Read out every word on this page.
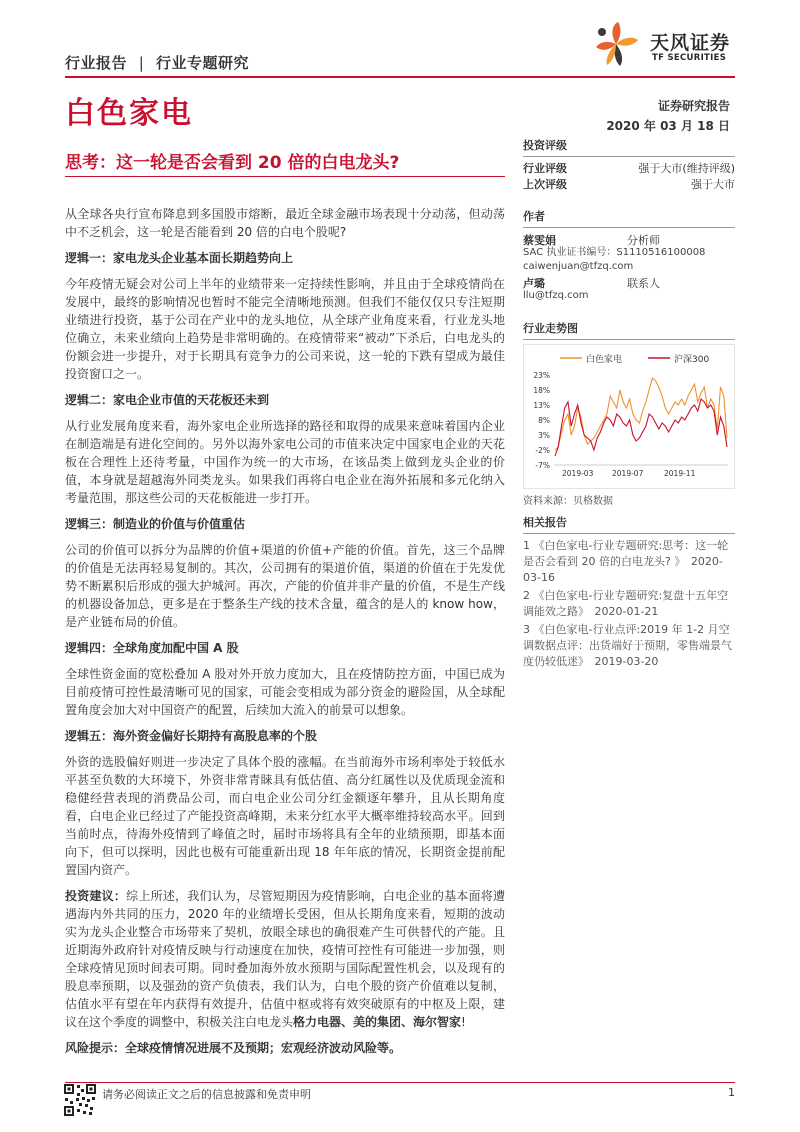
行业报告 | 行业专题研究
天风证券
TF SECURITIES
白色家电	证券研究报告
2020 年 03 月 18 日
思考：这一轮是否会看到 20 倍的白电龙头?

从全球各央行宣布降息到多国股市熔断，最近全球金融市场表现十分动荡，但动荡中不乏机会，这一轮是否能看到 20 倍的白电个股呢?

逻辑一：家电龙头企业基本面长期趋势向上

今年疫情无疑会对公司上半年的业绩带来一定持续性影响，并且由于全球疫情尚在发展中，最终的影响情况也暂时不能完全清晰地预测。但我们不能仅仅只专注短期业绩进行投资，基于公司在产业中的龙头地位，从全球产业角度来看，行业龙头地位确立，未来业绩向上趋势是非常明确的。在疫情带来“被动”下杀后，白电龙头的份额会进一步提升，对于长期具有竞争力的公司来说，这一轮的下跌有望成为最佳投资窗口之一。

逻辑二：家电企业市值的天花板还未到

从行业发展角度来看，海外家电企业所选择的路径和取得的成果来意味着国内企业在制造端是有进化空间的。另外以海外家电公司的市值来决定中国家电企业的天花板在合理性上还待考量，中国作为统一的大市场，在该品类上做到龙头企业的价值，本身就是超越海外同类龙头。如果我们再将白电企业在海外拓展和多元化纳入考量范围，那这些公司的天花板能进一步打开。

逻辑三：制造业的价值与价值重估

公司的价值可以拆分为品牌的价值+渠道的价值+产能的价值。首先，这三个品牌的价值是无法再轻易复制的。其次，公司拥有的渠道价值，渠道的价值在于先发优势不断累积后形成的强大护城河。再次，产能的价值并非产量的价值，不是生产线的机器设备加总，更多是在于整条生产线的技术含量，蕴含的是人的 know how，是产业链布局的价值。

逻辑四：全球角度加配中国 A 股

全球性资金面的宽松叠加 A 股对外开放力度加大，且在疫情防控方面，中国已成为目前疫情可控性最清晰可见的国家，可能会变相成为部分资金的避险国，从全球配置角度会加大对中国资产的配置，后续加大流入的前景可以想象。

逻辑五：海外资金偏好长期持有高股息率的个股

外资的选股偏好则进一步决定了具体个股的涨幅。在当前海外市场利率处于较低水平甚至负数的大环境下，外资非常青睐具有低估值、高分红属性以及优质现金流和稳健经营表现的消费品公司，而白电企业公司分红金额逐年攀升，且从长期角度看，白电企业已经过了产能投资高峰期，未来分红水平大概率维持较高水平。回到当前时点，待海外疫情到了峰值之时，届时市场将具有全年的业绩预期，即基本面向下，但可以探明，因此也极有可能重新出现 18 年年底的情况，长期资金提前配置国内资产。

投资建议：综上所述，我们认为，尽管短期因为疫情影响，白电企业的基本面将遭遇海内外共同的压力，2020 年的业绩增长受困，但从长期角度来看，短期的波动实为龙头企业整合市场带来了契机，放眼全球也的确很难产生可供替代的产能。且近期海外政府针对疫情反映与行动速度在加快，疫情可控性有可能进一步加强，则全球疫情见顶时间表可期。同时叠加海外放水预期与国际配置性机会，以及现有的股息率预期，以及强劲的资产负债表，我们认为，白电个股的资产价值难以复制，估值水平有望在年内获得有效提升，估值中枢或将有效突破原有的中枢及上限，建议在这个季度的调整中，积极关注白电龙头格力电器、美的集团、海尔智家!

风险提示：全球疫情情况进展不及预期；宏观经济波动风险等。

投资评级
行业评级	强于大市(维持评级)
上次评级	强于大市
作者
蔡雯娟	分析师
SAC 执业证书编号：S1110516100008
caiwenjuan@tfzq.com
卢璐	联系人
llu@tfzq.com
行业走势图
白色家电	沪深300
23%
18%
13%
8%
3%
-2%
-7%
2019-03 2019-07	2019-11
资料来源：贝格数据
相关报告
1 《白色家电-行业专题研究:思考：这一轮是否会看到 20 倍的白电龙头? 》 2020-03-16
2 《白色家电-行业专题研究:复盘十五年空调能效之路》 2020-01-21
3 《白色家电-行业点评:2019 年 1-2 月空调数据点评：出货端好于预期，零售端景气度仍较低迷》 2019-03-20
请务必阅读正文之后的信息披露和免责申明	1
